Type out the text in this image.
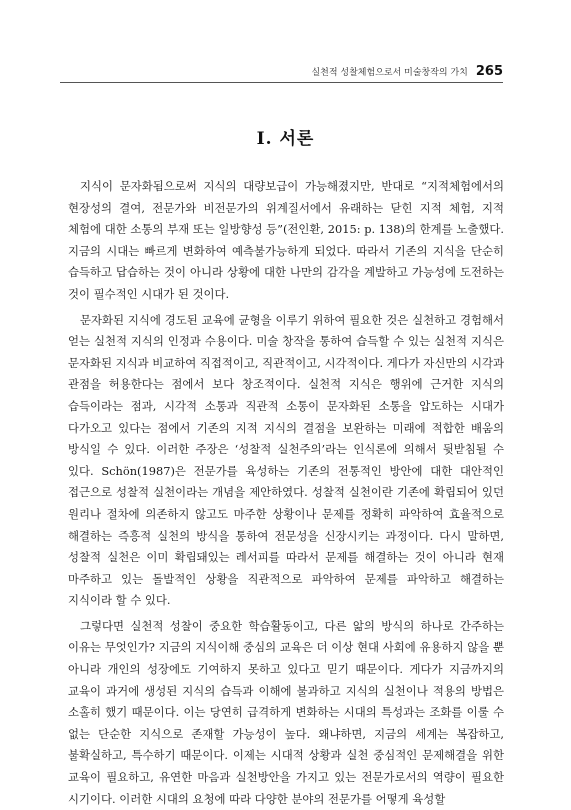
실천적 성찰체험으로서 미술창작의 가치 265
Ⅰ. 서론

지식이 문자화됨으로써 지식의 대량보급이 가능해졌지만, 반대로 “지적체험에서의 현장성의 결여, 전문가와 비전문가의 위계질서에서 유래하는 닫힌 지적 체험, 지적 체험에 대한 소통의 부재 또는 일방향성 등”(전인환, 2015: p. 138)의 한계를 노출했다. 지금의 시대는 빠르게 변화하여 예측불가능하게 되었다. 따라서 기존의 지식을 단순히 습득하고 답습하는 것이 아니라 상황에 대한 나만의 감각을 계발하고 가능성에 도전하는 것이 필수적인 시대가 된 것이다.

문자화된 지식에 경도된 교육에 균형을 이루기 위하여 필요한 것은 실천하고 경험해서 얻는 실천적 지식의 인정과 수용이다. 미술 창작을 통하여 습득할 수 있는 실천적 지식은 문자화된 지식과 비교하여 직접적이고, 직관적이고, 시각적이다. 게다가 자신만의 시각과 관점을 허용한다는 점에서 보다 창조적이다. 실천적 지식은 행위에 근거한 지식의 습득이라는 점과, 시각적 소통과 직관적 소통이 문자화된 소통을 압도하는 시대가 다가오고 있다는 점에서 기존의 지적 지식의 결점을 보완하는 미래에 적합한 배움의 방식일 수 있다. 이러한 주장은 ‘성찰적 실천주의’라는 인식론에 의해서 뒷받침될 수 있다. Schön(1987)은 전문가를 육성하는 기존의 전통적인 방안에 대한 대안적인 접근으로 성찰적 실천이라는 개념을 제안하였다. 성찰적 실천이란 기존에 확립되어 있던 원리나 절차에 의존하지 않고도 마주한 상황이나 문제를 정확히 파악하여 효율적으로 해결하는 즉흥적 실천의 방식을 통하여 전문성을 신장시키는 과정이다. 다시 말하면, 성찰적 실천은 이미 확립돼있는 레서피를 따라서 문제를 해결하는 것이 아니라 현재 마주하고 있는 돌발적인 상황을 직관적으로 파악하여 문제를 파악하고 해결하는 지식이라 할 수 있다.

그렇다면 실천적 성찰이 중요한 학습활동이고, 다른 앎의 방식의 하나로 간주하는 이유는 무엇인가? 지금의 지식이해 중심의 교육은 더 이상 현대 사회에 유용하지 않을 뿐 아니라 개인의 성장에도 기여하지 못하고 있다고 믿기 때문이다. 게다가 지금까지의 교육이 과거에 생성된 지식의 습득과 이해에 불과하고 지식의 실천이나 적용의 방법은 소홀히 했기 때문이다. 이는 당연히 급격하게 변화하는 시대의 특성과는 조화를 이룰 수 없는 단순한 지식으로 존재할 가능성이 높다. 왜냐하면, 지금의 세계는 복잡하고, 불확실하고, 특수하기 때문이다. 이제는 시대적 상황과 실천 중심적인 문제해결을 위한 교육이 필요하고, 유연한 마음과 실천방안을 가지고 있는 전문가로서의 역량이 필요한 시기이다. 이러한 시대의 요청에 따라 다양한 분야의 전문가를 어떻게 육성할
